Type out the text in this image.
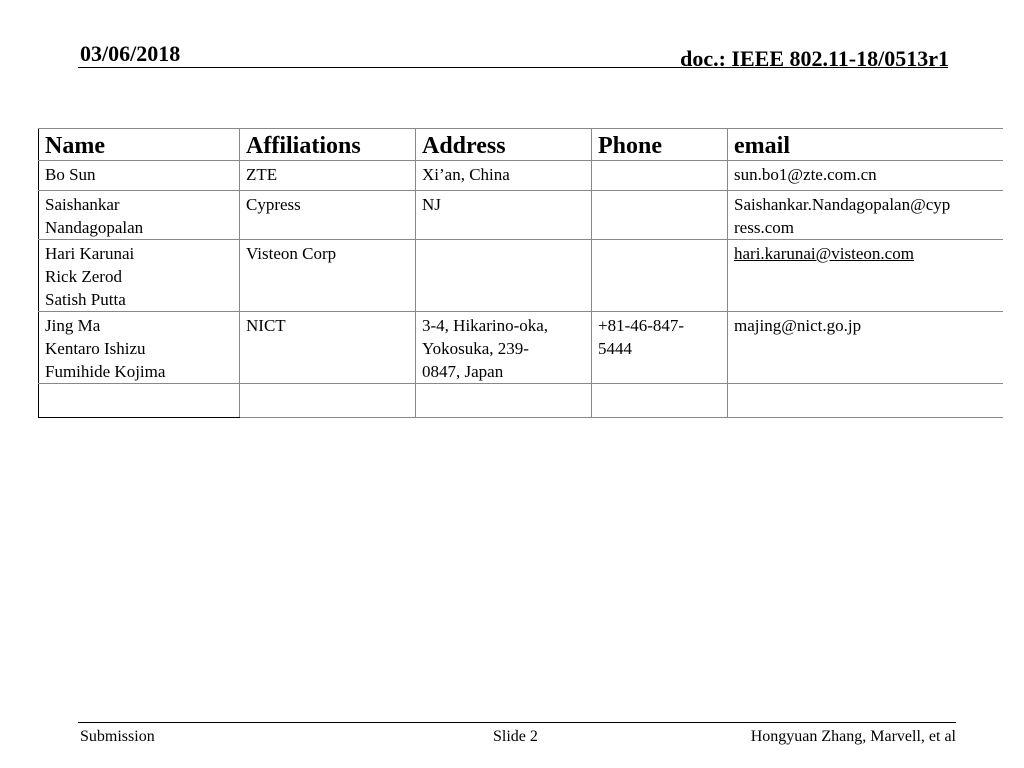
03/06/2018	doc.: IEEE 802.11-18/0513r1
Name	Affiliations	Address	Phone	email

Bo Sun	ZTE	Xi’an, China		sun.bo1@zte.com.cn

Saishankar
Nandagopalan	Cypress	NJ		Saishankar.Nandagopalan@cyp
ress.com

Hari Karunai
Rick Zerod
Satish Putta	Visteon Corp			hari.karunai@visteon.com

Jing Ma
Kentaro Ishizu
Fumihide Kojima	NICT	3-4, Hikarino-oka,
Yokosuka, 239-
0847, Japan	+81-46-847-
5444	majing@nict.go.jp

Submission	Slide 2	Hongyuan Zhang, Marvell, et al
